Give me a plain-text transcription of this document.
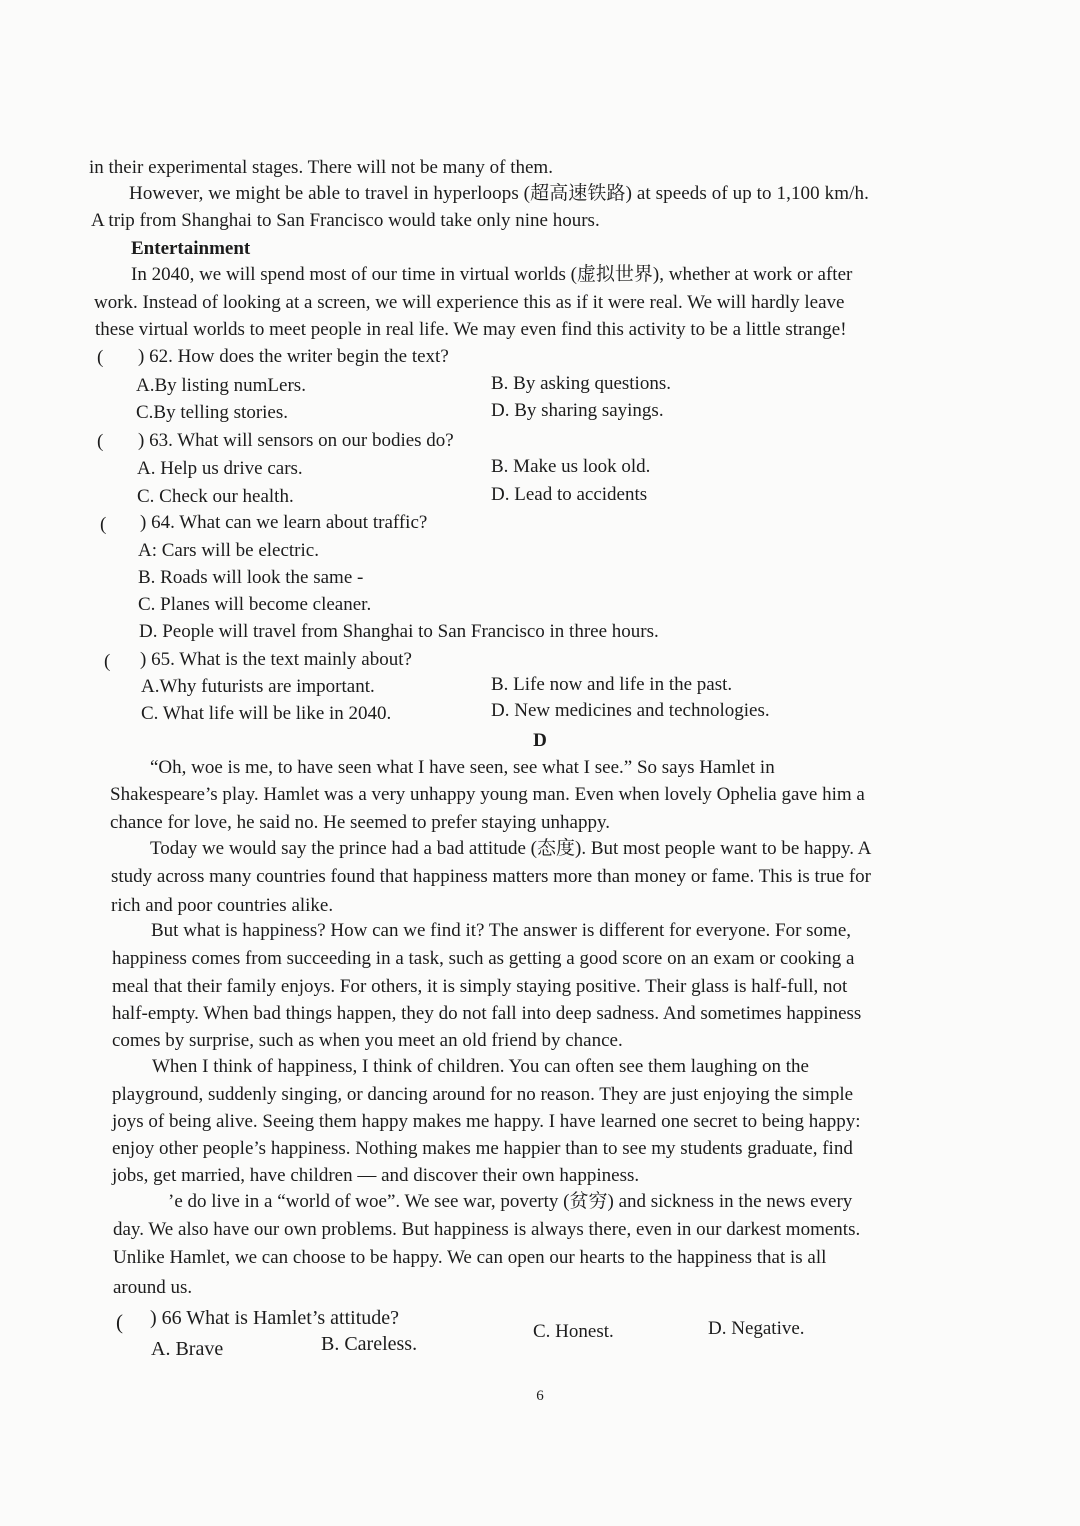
in their experimental stages. There will not be many of them.
However, we might be able to travel in hyperloops (超高速铁路) at speeds of up to 1,100 km/h.
A trip from Shanghai to San Francisco would take only nine hours.
Entertainment
In 2040, we will spend most of our time in virtual worlds (虚拟世界), whether at work or after
work. Instead of looking at a screen, we will experience this as if it were real. We will hardly leave
these virtual worlds to meet people in real life. We may even find this activity to be a little strange!
( ) 62. How does the writer begin the text?
A.By listing numLers.	B. By asking questions.
C.By telling stories.	D. By sharing sayings.
( ) 63. What will sensors on our bodies do?
A. Help us drive cars.	B. Make us look old.
C. Check our health.	D. Lead to accidents
( ) 64. What can we learn about traffic?
A: Cars will be electric.
B. Roads will look the same -
C. Planes will become cleaner.
D. People will travel from Shanghai to San Francisco in three hours.
( ) 65. What is the text mainly about?
A.Why futurists are important.	B. Life now and life in the past.
C. What life will be like in 2040.	D. New medicines and technologies.
D
“Oh, woe is me, to have seen what I have seen, see what I see.” So says Hamlet in
Shakespeare’s play. Hamlet was a very unhappy young man. Even when lovely Ophelia gave him a
chance for love, he said no. He seemed to prefer staying unhappy.
Today we would say the prince had a bad attitude (态度). But most people want to be happy. A
study across many countries found that happiness matters more than money or fame. This is true for
rich and poor countries alike.
But what is happiness? How can we find it? The answer is different for everyone. For some,
happiness comes from succeeding in a task, such as getting a good score on an exam or cooking a
meal that their family enjoys. For others, it is simply staying positive. Their glass is half-full, not
half-empty. When bad things happen, they do not fall into deep sadness. And sometimes happiness
comes by surprise, such as when you meet an old friend by chance.
When I think of happiness, I think of children. You can often see them laughing on the
playground, suddenly singing, or dancing around for no reason. They are just enjoying the simple
joys of being alive. Seeing them happy makes me happy. I have learned one secret to being happy:
enjoy other people’s happiness. Nothing makes me happier than to see my students graduate, find
jobs, get married, have children — and discover their own happiness.
’e do live in a “world of woe”. We see war, poverty (贫穷) and sickness in the news every
day. We also have our own problems. But happiness is always there, even in our darkest moments.
Unlike Hamlet, we can choose to be happy. We can open our hearts to the happiness that is all
around us.
( ) 66 What is Hamlet’s attitude?
A. Brave	B. Careless.
C. Honest.	D. Negative.
6
